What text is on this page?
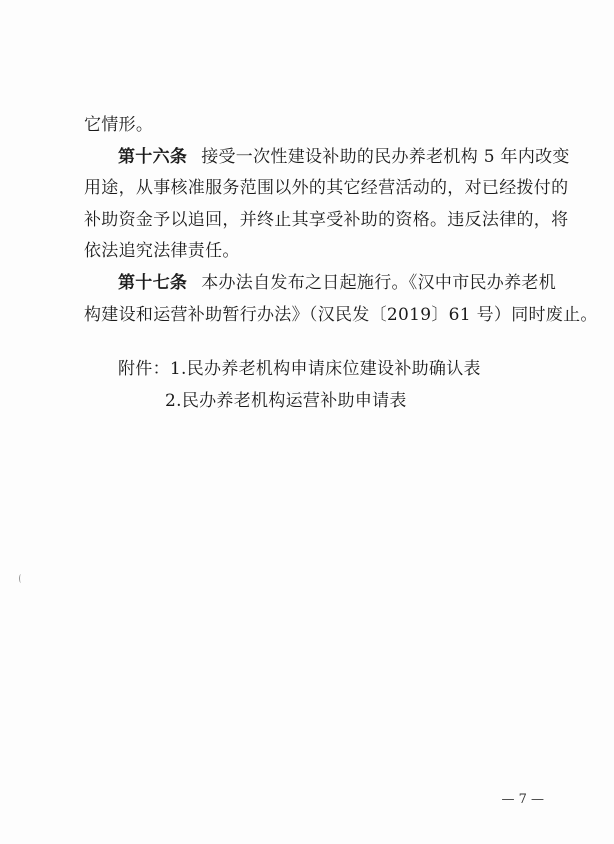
它情形。
第十六条 接受一次性建设补助的民办养老机构 5 年内改变
用途，从事核准服务范围以外的其它经营活动的，对已经拨付的
补助资金予以追回，并终止其享受补助的资格。违反法律的，将
依法追究法律责任。
第十七条 本办法自发布之日起施行。《汉中市民办养老机
构建设和运营补助暂行办法》（汉民发〔2019〕61 号）同时废止。
附件：1.民办养老机构申请床位建设补助确认表
2.民办养老机构运营补助申请表
— 7 —
